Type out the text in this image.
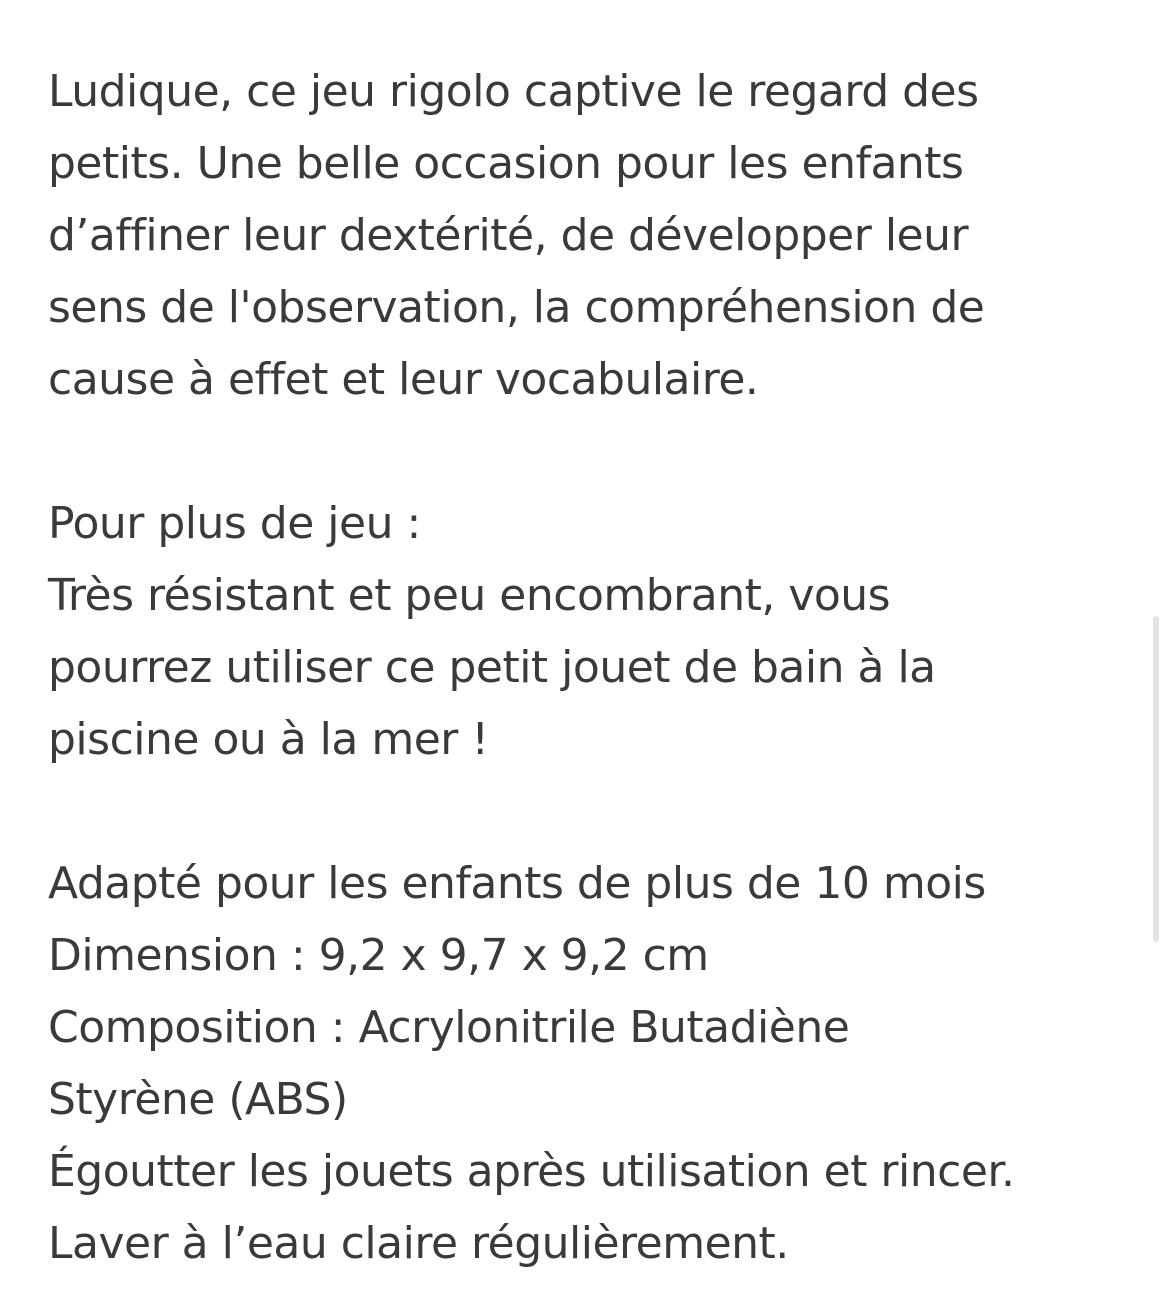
Ludique, ce jeu rigolo captive le regard des
petits. Une belle occasion pour les enfants
d’affiner leur dextérité, de développer leur
sens de l'observation, la compréhension de
cause à effet et leur vocabulaire.
Pour plus de jeu :
Très résistant et peu encombrant, vous
pourrez utiliser ce petit jouet de bain à la
piscine ou à la mer !
Adapté pour les enfants de plus de 10 mois
Dimension : 9,2 x 9,7 x 9,2 cm
Composition : Acrylonitrile Butadiène
Styrène (ABS)
Égoutter les jouets après utilisation et rincer.
Laver à l’eau claire régulièrement.
